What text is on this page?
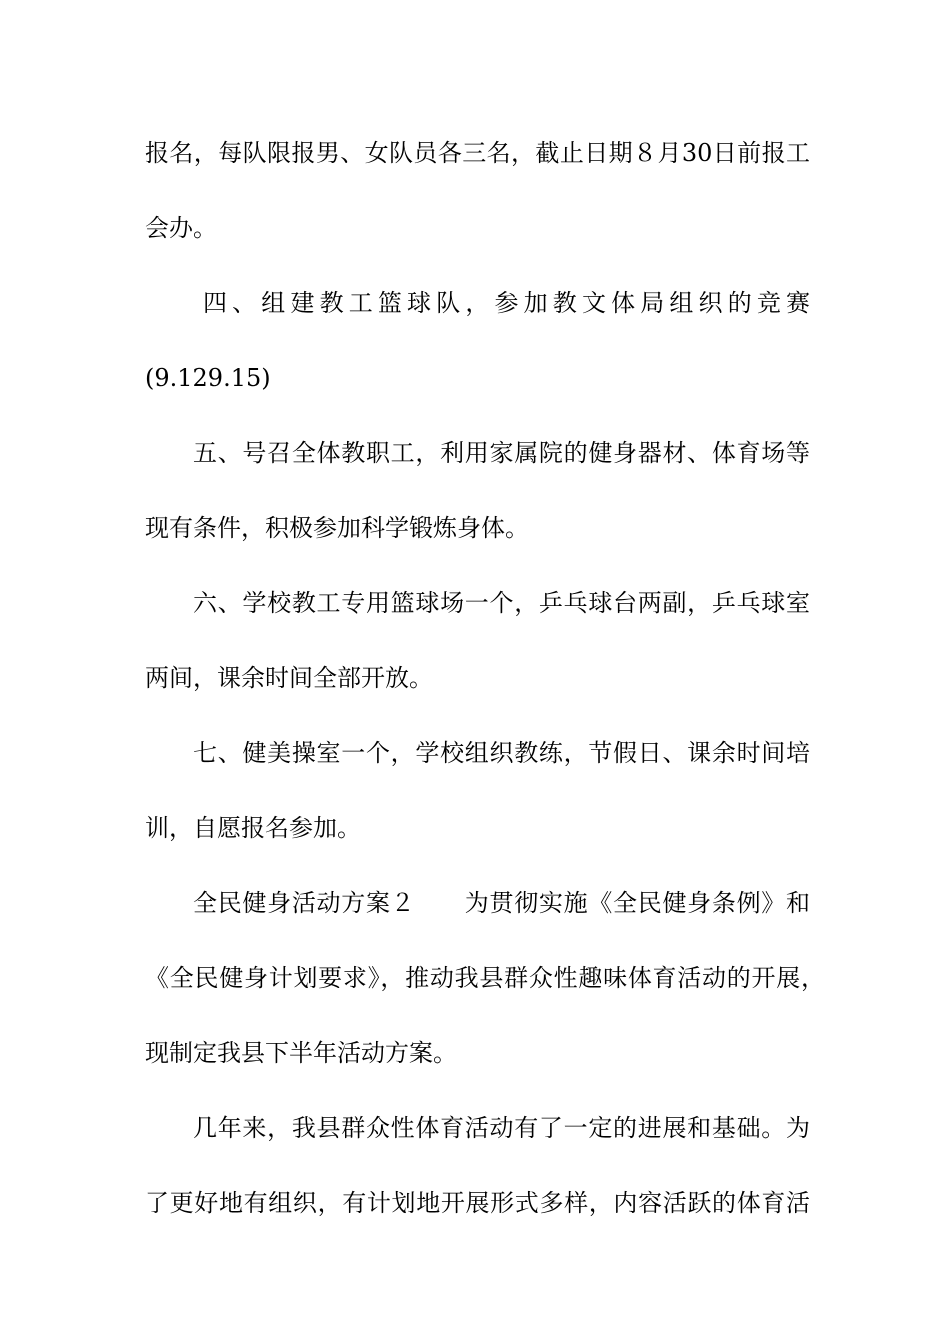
报名，每队限报男、女队员各三名，截止日期８月30日前报工
会办。
四、组建教工篮球队，参加教文体局组织的竞赛
(9.129.15)
五、号召全体教职工，利用家属院的健身器材、体育场等
现有条件，积极参加科学锻炼身体。
六、学校教工专用篮球场一个，乒乓球台两副，乒乓球室
两间，课余时间全部开放。
七、健美操室一个，学校组织教练，节假日、课余时间培
训，自愿报名参加。
全民健身活动方案２　　为贯彻实施《全民健身条例》和
《全民健身计划要求》，推动我县群众性趣味体育活动的开展，
现制定我县下半年活动方案。
几年来，我县群众性体育活动有了一定的进展和基础。为
了更好地有组织，有计划地开展形式多样，内容活跃的体育活
